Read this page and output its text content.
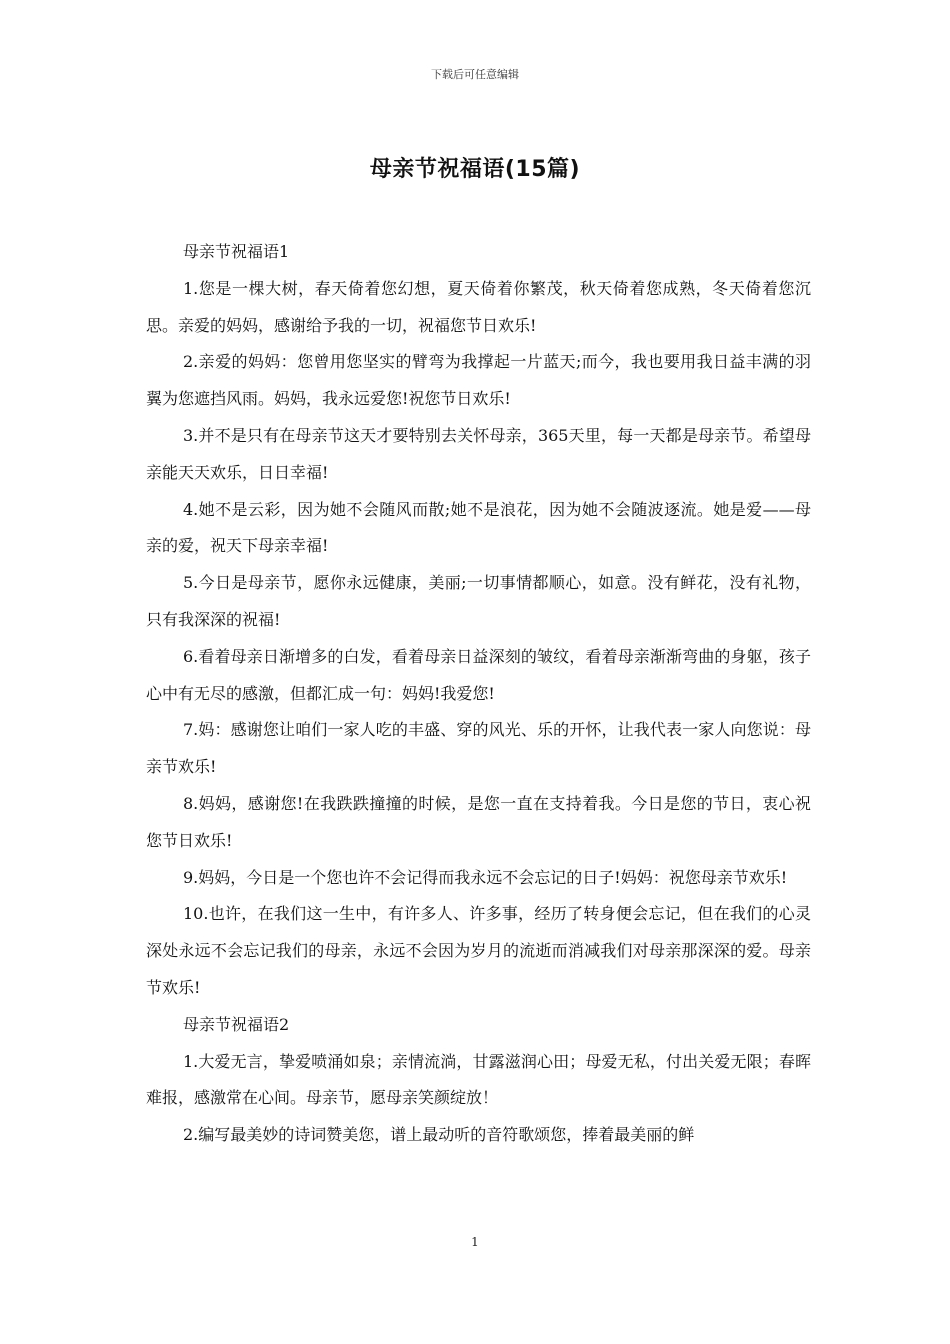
下载后可任意编辑
母亲节祝福语(15篇)

母亲节祝福语1

1.您是一棵大树，春天倚着您幻想，夏天倚着你繁茂，秋天倚着您成熟，冬天倚着您沉思。亲爱的妈妈，感谢给予我的一切，祝福您节日欢乐!

2.亲爱的妈妈：您曾用您坚实的臂弯为我撑起一片蓝天;而今，我也要用我日益丰满的羽翼为您遮挡风雨。妈妈，我永远爱您!祝您节日欢乐!

3.并不是只有在母亲节这天才要特别去关怀母亲，365天里，每一天都是母亲节。希望母亲能天天欢乐，日日幸福!

4.她不是云彩，因为她不会随风而散;她不是浪花，因为她不会随波逐流。她是爱——母亲的爱，祝天下母亲幸福!

5.今日是母亲节，愿你永远健康，美丽;一切事情都顺心，如意。没有鲜花，没有礼物，只有我深深的祝福!

6.看着母亲日渐增多的白发，看着母亲日益深刻的皱纹，看着母亲渐渐弯曲的身躯，孩子心中有无尽的感激，但都汇成一句：妈妈!我爱您!

7.妈：感谢您让咱们一家人吃的丰盛、穿的风光、乐的开怀，让我代表一家人向您说：母亲节欢乐!

8.妈妈，感谢您!在我跌跌撞撞的时候，是您一直在支持着我。今日是您的节日，衷心祝您节日欢乐!

9.妈妈，今日是一个您也许不会记得而我永远不会忘记的日子!妈妈：祝您母亲节欢乐!

10.也许，在我们这一生中，有许多人、许多事，经历了转身便会忘记，但在我们的心灵深处永远不会忘记我们的母亲，永远不会因为岁月的流逝而消减我们对母亲那深深的爱。母亲节欢乐!

母亲节祝福语2

1.大爱无言，挚爱喷涌如泉；亲情流淌，甘露滋润心田；母爱无私，付出关爱无限；春晖难报，感激常在心间。母亲节，愿母亲笑颜绽放！

2.编写最美妙的诗词赞美您，谱上最动听的音符歌颂您，捧着最美丽的鲜

1
